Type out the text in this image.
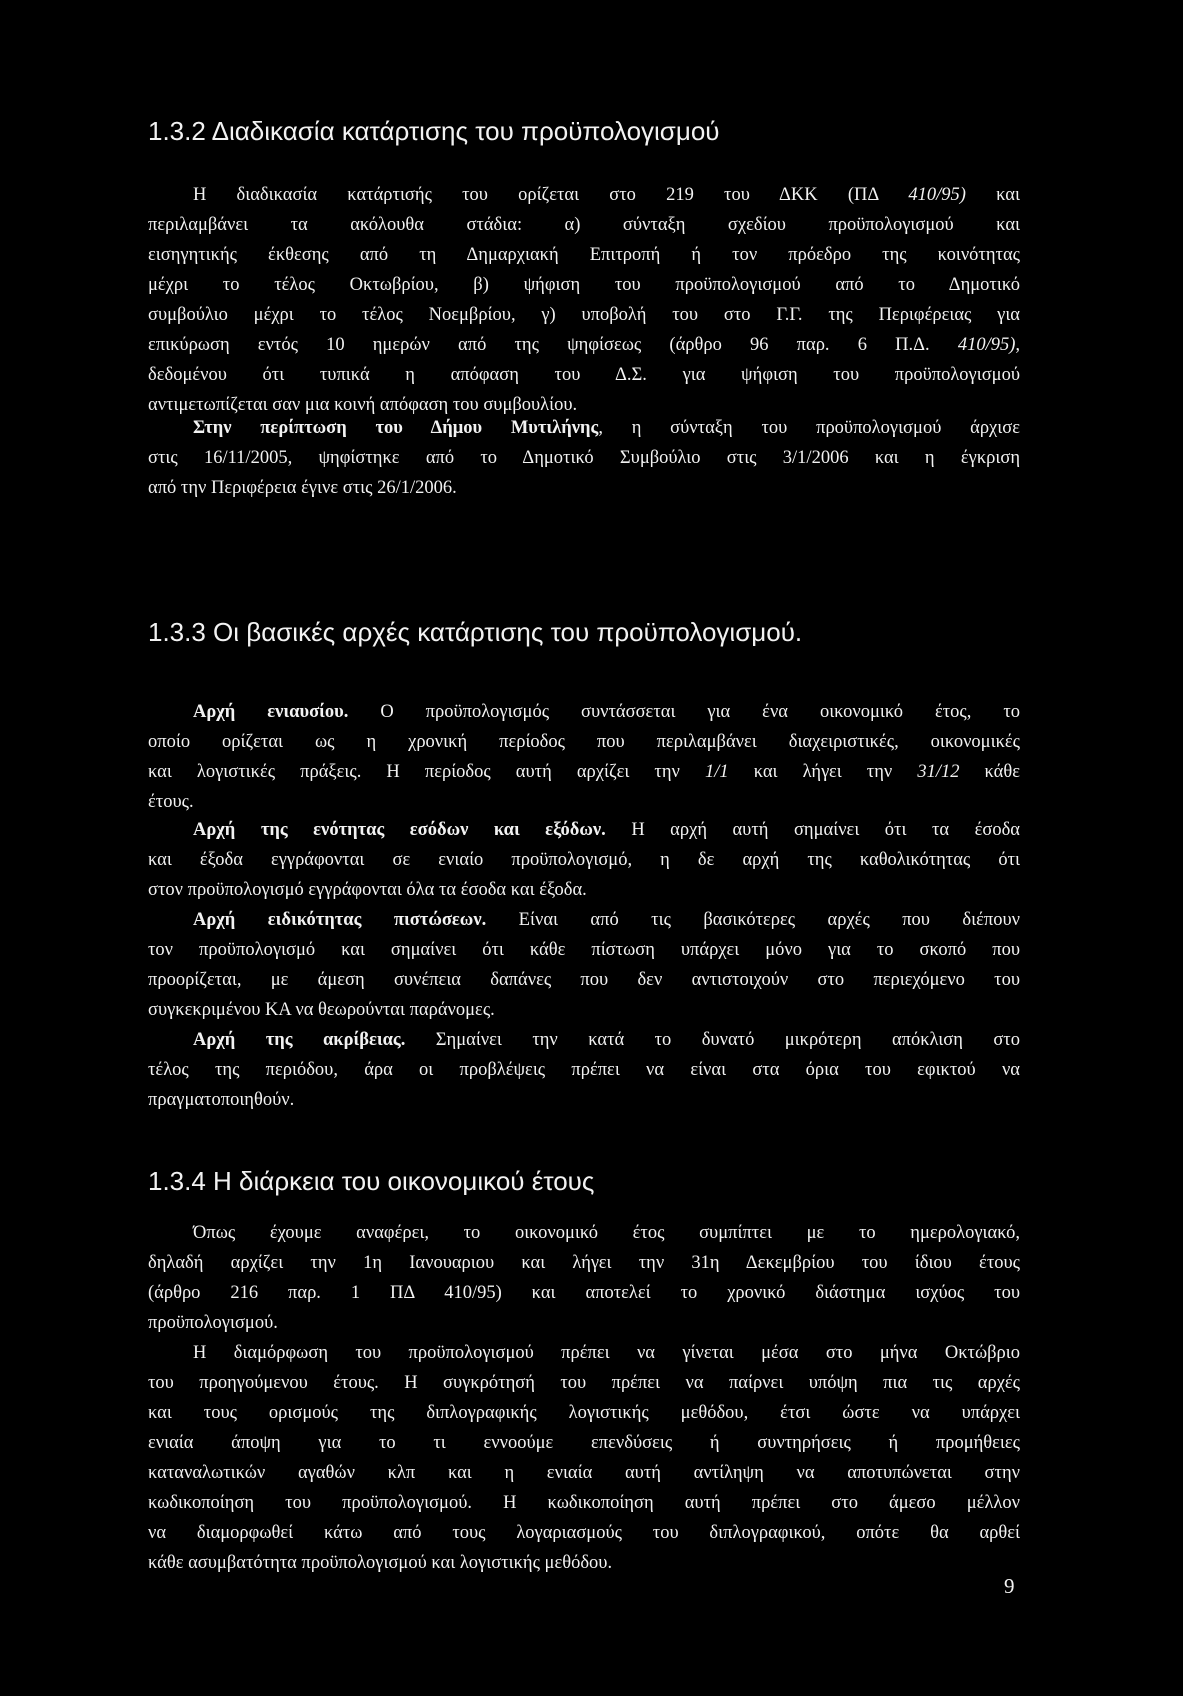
1.3.2 Διαδικασία κατάρτισης του προϋπολογισμού
Η διαδικασία κατάρτισής του ορίζεται στο 219 του ΔΚΚ (ΠΔ 410/95) και
περιλαμβάνει τα ακόλουθα στάδια: α) σύνταξη σχεδίου προϋπολογισμού και
εισηγητικής έκθεσης από τη Δημαρχιακή Επιτροπή ή τον πρόεδρο της κοινότητας
μέχρι το τέλος Οκτωβρίου, β) ψήφιση του προϋπολογισμού από το Δημοτικό
συμβούλιο μέχρι το τέλος Νοεμβρίου, γ) υποβολή του στο Γ.Γ. της Περιφέρειας για
επικύρωση εντός 10 ημερών από της ψηφίσεως (άρθρο 96 παρ. 6 Π.Δ. 410/95),
δεδομένου ότι τυπικά η απόφαση του Δ.Σ. για ψήφιση του προϋπολογισμού
αντιμετωπίζεται σαν μια κοινή απόφαση του συμβουλίου.
Στην περίπτωση του Δήμου Μυτιλήνης, η σύνταξη του προϋπολογισμού άρχισε
στις 16/11/2005, ψηφίστηκε από το Δημοτικό Συμβούλιο στις 3/1/2006 και η έγκριση
από την Περιφέρεια έγινε στις 26/1/2006.
1.3.3 Οι βασικές αρχές κατάρτισης του προϋπολογισμού.
Αρχή ενιαυσίου. Ο προϋπολογισμός συντάσσεται για ένα οικονομικό έτος, το
οποίο ορίζεται ως η χρονική περίοδος που περιλαμβάνει διαχειριστικές, οικονομικές
και λογιστικές πράξεις. Η περίοδος αυτή αρχίζει την 1/1 και λήγει την 31/12 κάθε
έτους.
Αρχή της ενότητας εσόδων και εξόδων. Η αρχή αυτή σημαίνει ότι τα έσοδα
και έξοδα εγγράφονται σε ενιαίο προϋπολογισμό, η δε αρχή της καθολικότητας ότι
στον προϋπολογισμό εγγράφονται όλα τα έσοδα και έξοδα.
Αρχή ειδικότητας πιστώσεων. Είναι από τις βασικότερες αρχές που διέπουν
τον προϋπολογισμό και σημαίνει ότι κάθε πίστωση υπάρχει μόνο για το σκοπό που
προορίζεται, με άμεση συνέπεια δαπάνες που δεν αντιστοιχούν στο περιεχόμενο του
συγκεκριμένου ΚΑ να θεωρούνται παράνομες.
Αρχή της ακρίβειας. Σημαίνει την κατά το δυνατό μικρότερη απόκλιση στο
τέλος της περιόδου, άρα οι προβλέψεις πρέπει να είναι στα όρια του εφικτού να
πραγματοποιηθούν.
1.3.4 Η διάρκεια του οικονομικού έτους
Όπως έχουμε αναφέρει, το οικονομικό έτος συμπίπτει με το ημερολογιακό,
δηλαδή αρχίζει την 1η Ιανουαριου και λήγει την 31η Δεκεμβρίου του ίδιου έτους
(άρθρο 216 παρ. 1 ΠΔ 410/95) και αποτελεί το χρονικό διάστημα ισχύος του
προϋπολογισμού.
Η διαμόρφωση του προϋπολογισμού πρέπει να γίνεται μέσα στο μήνα Οκτώβριο
του προηγούμενου έτους. Η συγκρότησή του πρέπει να παίρνει υπόψη πια τις αρχές
και τους ορισμούς της διπλογραφικής λογιστικής μεθόδου, έτσι ώστε να υπάρχει
ενιαία άποψη για το τι εννοούμε επενδύσεις ή συντηρήσεις ή προμήθειες
καταναλωτικών αγαθών κλπ και η ενιαία αυτή αντίληψη να αποτυπώνεται στην
κωδικοποίηση του προϋπολογισμού. Η κωδικοποίηση αυτή πρέπει στο άμεσο μέλλον
να διαμορφωθεί κάτω από τους λογαριασμούς του διπλογραφικού, οπότε θα αρθεί
κάθε ασυμβατότητα προϋπολογισμού και λογιστικής μεθόδου.
9
